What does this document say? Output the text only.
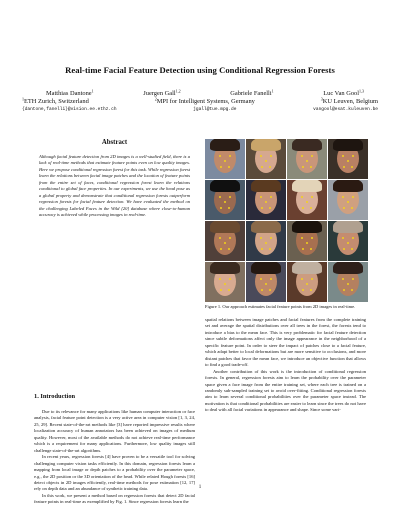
Real-time Facial Feature Detection using Conditional Regression Forests
Matthias Dantone$^1$	Juergen Gall$^{1,2}$	Gabriele Fanelli$^1$	Luc Van Gool$^{1,3}$
$^1$ETH Zurich, Switzerland	$^2$MPI for Intelligent Systems, Germany	$^3$KU Leuven, Belgium
{dantone,fanelli}@vision.ee.ethz.ch	jgall@tue.mpg.de	vangool@esat.kuleuven.be
Abstract

Although facial feature detection from 2D images is a well-studied field, there is a lack of real-time methods that estimate feature points even on low quality images. Here we propose conditional regression forest for this task. While regression forest learn the relations between facial image patches and the location of feature points from the entire set of faces, conditional regression forest learn the relations conditional to global face properties. In our experiments, we use the head pose as a global property and demonstrate that conditional regression forests outperform regression forests for facial feature detection. We have evaluated the method on the challenging Labeled Faces in the Wild [20] database where close-to-human accuracy is achieved while processing images in real-time.

1. Introduction

Due to its relevance for many applications like human computer interaction or face analysis, facial feature point detection is a very active area in computer vision [1, 3, 24, 25, 29]. Recent state-of-the-art methods like [3] have reported impressive results where localization accuracy of human annotators has been achieved on images of medium quality. However, most of the available methods do not achieve real-time performance which is a requirement for many applications. Furthermore, low quality images still challenge state-of-the-art algorithms.

In recent years, regression forests [4] have proven to be a versatile tool for solving challenging computer vision tasks efficiently. In this domain, regression forests learn a mapping from local image or depth patches to a probability over the parameter space, e.g., the 2D position or the 3D orientation of the head. While related Hough forests [16] detect objects in 2D images efficiently, real-time methods for pose estimation [12, 17] rely on depth data and an abundance of synthetic training data.

In this work, we present a method based on regression forests that detect 2D facial feature points in real-time as exemplified by Fig. 1. Since regression forests learn the

Figure 1. Our approach estimates facial feature points from 2D images in real-time.

spatial relations between image patches and facial features from the complete training set and average the spatial distributions over all trees in the forest, the forests tend to introduce a bias to the mean face. This is very problematic for facial feature detection since subtle deformations affect only the image appearance in the neighborhood of a specific feature point. In order to steer the impact of patches close to a facial feature, which adapt better to local deformations but are more sensitive to occlusions, and more distant patches that favor the mean face, we introduce an objective function that allows to find a good trade-off.

Another contribution of this work is the introduction of conditional regression forests. In general, regression forests aim to learn the probability over the parameter space given a face image from the entire training set, where each tree is trained on a randomly sub-sampled training set to avoid over-fitting. Conditional regression forests aim to learn several conditional probabilities over the parameter space instead. The motivation is that conditional probabilities are easier to learn since the trees do not have to deal with all facial variations in appearance and shape. Since some vari-

1
